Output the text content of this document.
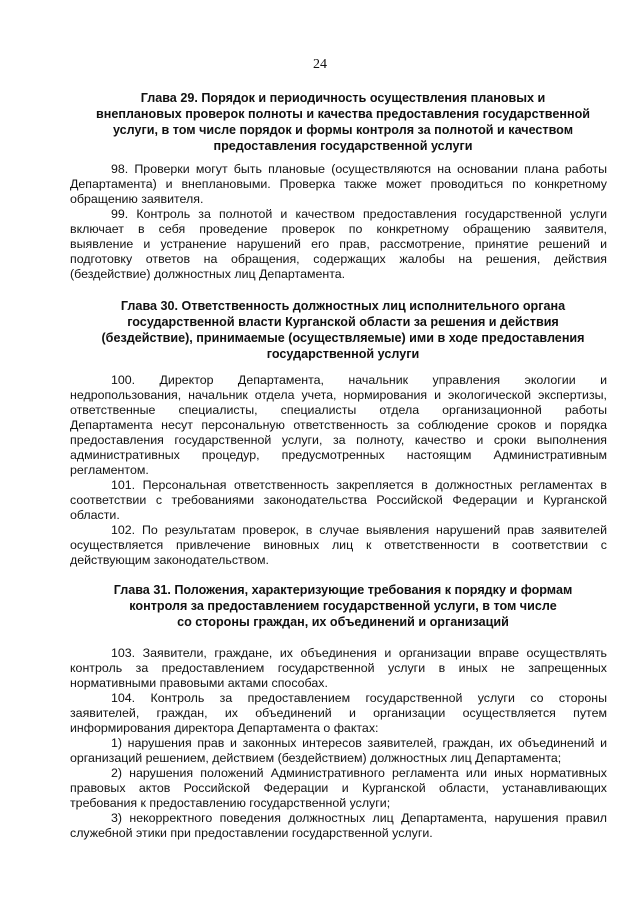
24
Глава 29. Порядок и периодичность осуществления плановых и
внеплановых проверок полноты и качества предоставления государственной
услуги, в том числе порядок и формы контроля за полнотой и качеством
предоставления государственной услуги

98. Проверки могут быть плановые (осуществляются на основании плана работы
Департамента) и внеплановыми. Проверка также может проводиться по конкретному
обращению заявителя.

99. Контроль за полнотой и качеством предоставления государственной услуги
включает в себя проведение проверок по конкретному обращению заявителя,
выявление и устранение нарушений его прав, рассмотрение, принятие решений и
подготовку ответов на обращения, содержащих жалобы на решения, действия
(бездействие) должностных лиц Департамента.

Глава 30. Ответственность должностных лиц исполнительного органа
государственной власти Курганской области за решения и действия
(бездействие), принимаемые (осуществляемые) ими в ходе предоставления
государственной услуги

100. Директор Департамента, начальник управления экологии и
недропользования, начальник отдела учета, нормирования и экологической экспертизы,
ответственные специалисты, специалисты отдела организационной работы
Департамента несут персональную ответственность за соблюдение сроков и порядка
предоставления государственной услуги, за полноту, качество и сроки выполнения
административных процедур, предусмотренных настоящим Административным
регламентом.

101. Персональная ответственность закрепляется в должностных регламентах в
соответствии с требованиями законодательства Российской Федерации и Курганской
области.

102. По результатам проверок, в случае выявления нарушений прав заявителей
осуществляется привлечение виновных лиц к ответственности в соответствии с
действующим законодательством.

Глава 31. Положения, характеризующие требования к порядку и формам
контроля за предоставлением государственной услуги, в том числе
со стороны граждан, их объединений и организаций

103. Заявители, граждане, их объединения и организации вправе осуществлять
контроль за предоставлением государственной услуги в иных не запрещенных
нормативными правовыми актами способах.

104. Контроль за предоставлением государственной услуги со стороны
заявителей, граждан, их объединений и организации осуществляется путем
информирования директора Департамента о фактах:

1) нарушения прав и законных интересов заявителей, граждан, их объединений и
организаций решением, действием (бездействием) должностных лиц Департамента;

2) нарушения положений Административного регламента или иных нормативных
правовых актов Российской Федерации и Курганской области, устанавливающих
требования к предоставлению государственной услуги;

3) некорректного поведения должностных лиц Департамента, нарушения правил
служебной этики при предоставлении государственной услуги.
